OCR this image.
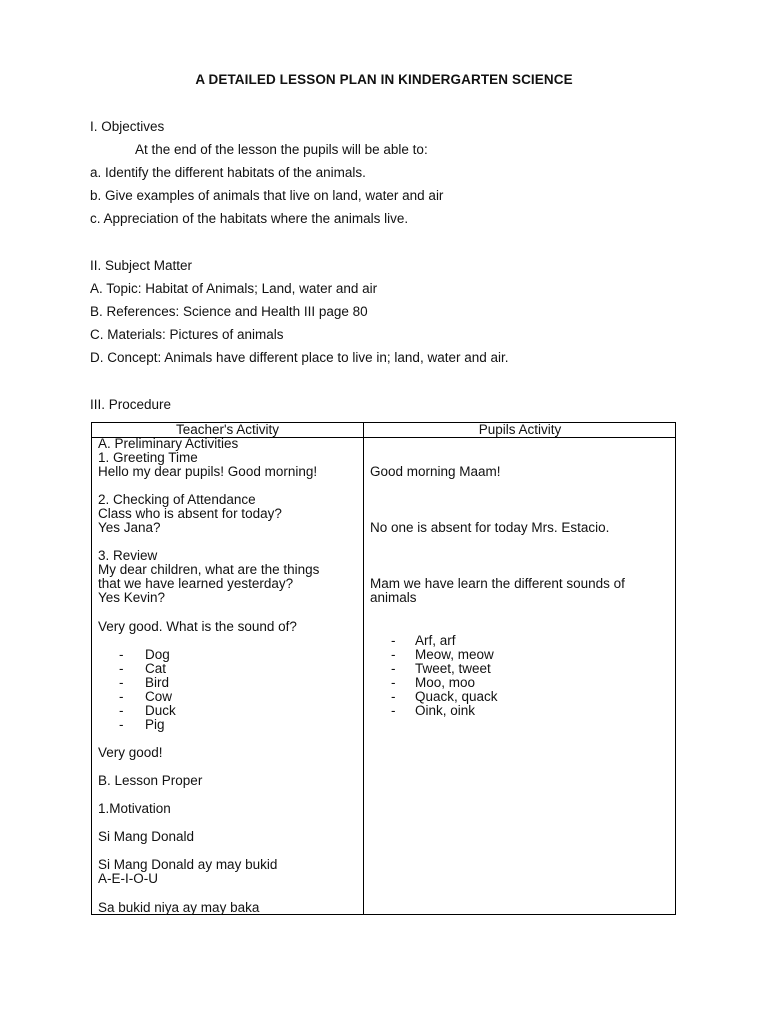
A DETAILED LESSON PLAN IN KINDERGARTEN SCIENCE
I. Objectives
At the end of the lesson the pupils will be able to:
a. Identify the different habitats of the animals.
b. Give examples of animals that live on land, water and air
c. Appreciation of the habitats where the animals live.
II. Subject Matter
A. Topic: Habitat of Animals; Land, water and air
B. References: Science and Health III page 80
C. Materials: Pictures of animals
D. Concept: Animals have different place to live in; land, water and air.
III. Procedure
Teacher's Activity	Pupils Activity
A. Preliminary Activities
1. Greeting Time
Hello my dear pupils! Good morning!
2. Checking of Attendance
Class who is absent for today?
Yes Jana?
3. Review
My dear children, what are the things
that we have learned yesterday?
Yes Kevin?
Very good. What is the sound of?
- Dog
- Cat
- Bird
- Cow
- Duck
- Pig
Very good!
B. Lesson Proper
1.Motivation
Si Mang Donald
Si Mang Donald ay may bukid
A-E-I-O-U
Sa bukid niya ay may baka
Good morning Maam!
No one is absent for today Mrs. Estacio.
Mam we have learn the different sounds of
animals
- Arf, arf
- Meow, meow
- Tweet, tweet
- Moo, moo
- Quack, quack
- Oink, oink
